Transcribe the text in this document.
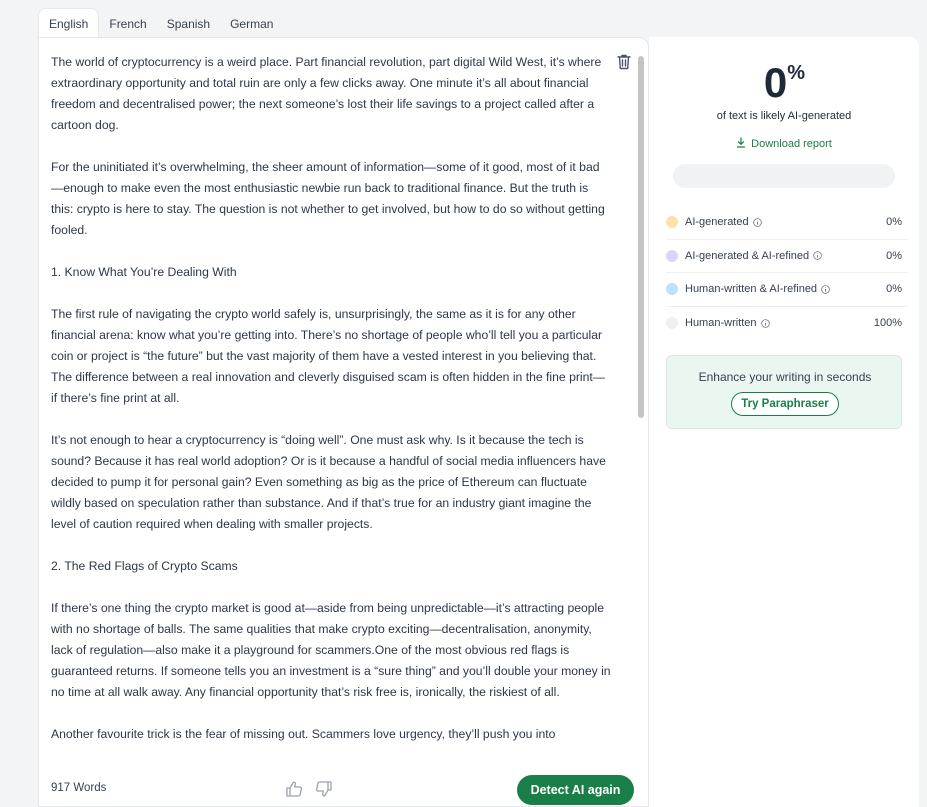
English	French	Spanish	German

The world of cryptocurrency is a weird place. Part financial revolution, part digital Wild West, it’s where extraordinary opportunity and total ruin are only a few clicks away. One minute it’s all about financial freedom and decentralised power; the next someone’s lost their life savings to a project called after a cartoon dog.

For the uninitiated it’s overwhelming, the sheer amount of information—some of it good, most of it bad—enough to make even the most enthusiastic newbie run back to traditional finance. But the truth is this: crypto is here to stay. The question is not whether to get involved, but how to do so without getting fooled.

1. Know What You’re Dealing With

The first rule of navigating the crypto world safely is, unsurprisingly, the same as it is for any other financial arena: know what you’re getting into. There’s no shortage of people who’ll tell you a particular coin or project is “the future” but the vast majority of them have a vested interest in you believing that. The difference between a real innovation and cleverly disguised scam is often hidden in the fine print—if there’s fine print at all.

It’s not enough to hear a cryptocurrency is “doing well”. One must ask why. Is it because the tech is sound? Because it has real world adoption? Or is it because a handful of social media influencers have decided to pump it for personal gain? Even something as big as the price of Ethereum can fluctuate wildly based on speculation rather than substance. And if that’s true for an industry giant imagine the level of caution required when dealing with smaller projects.

2. The Red Flags of Crypto Scams

If there’s one thing the crypto market is good at—aside from being unpredictable—it’s attracting people with no shortage of balls. The same qualities that make crypto exciting—decentralisation, anonymity, lack of regulation—also make it a playground for scammers.One of the most obvious red flags is guaranteed returns. If someone tells you an investment is a “sure thing” and you’ll double your money in no time at all walk away. Any financial opportunity that’s risk free is, ironically, the riskiest of all.

Another favourite trick is the fear of missing out. Scammers love urgency, they’ll push you into

917 Words	Detect AI again
0%
of text is likely AI-generated
Download report
AI-generated	0%
AI-generated & AI-refined	0%
Human-written & AI-refined	0%
Human-written	100%
Enhance your writing in seconds
Try Paraphraser
